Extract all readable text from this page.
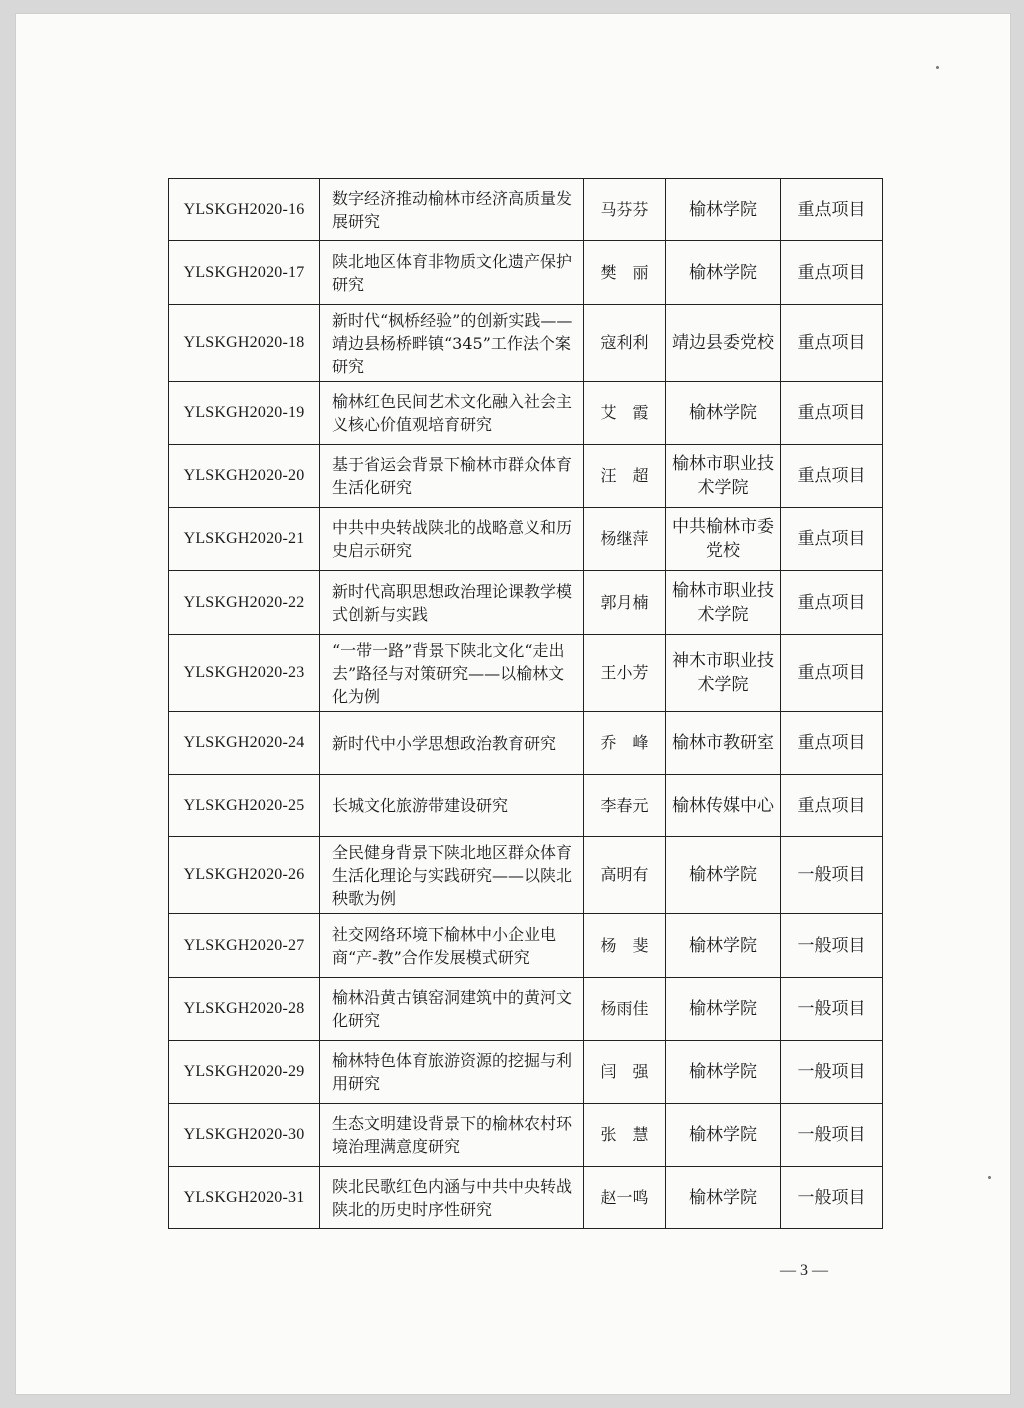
YLSKGH2020-16	数字经济推动榆林市经济高质量发展研究	马芬芬	榆林学院	重点项目
YLSKGH2020-17	陕北地区体育非物质文化遗产保护研究	樊　丽	榆林学院	重点项目
YLSKGH2020-18	新时代“枫桥经验”的创新实践——靖边县杨桥畔镇“345”工作法个案研究	寇利利	靖边县委党校	重点项目
YLSKGH2020-19	榆林红色民间艺术文化融入社会主义核心价值观培育研究	艾　霞	榆林学院	重点项目
YLSKGH2020-20	基于省运会背景下榆林市群众体育生活化研究	汪　超	榆林市职业技术学院	重点项目
YLSKGH2020-21	中共中央转战陕北的战略意义和历史启示研究	杨继萍	中共榆林市委党校	重点项目
YLSKGH2020-22	新时代高职思想政治理论课教学模式创新与实践	郭月楠	榆林市职业技术学院	重点项目
YLSKGH2020-23	“一带一路”背景下陕北文化“走出去”路径与对策研究——以榆林文化为例	王小芳	神木市职业技术学院	重点项目
YLSKGH2020-24	新时代中小学思想政治教育研究	乔　峰	榆林市教研室	重点项目
YLSKGH2020-25	长城文化旅游带建设研究	李春元	榆林传媒中心	重点项目
YLSKGH2020-26	全民健身背景下陕北地区群众体育生活化理论与实践研究——以陕北秧歌为例	高明有	榆林学院	一般项目
YLSKGH2020-27	社交网络环境下榆林中小企业电商“产-教”合作发展模式研究	杨　斐	榆林学院	一般项目
YLSKGH2020-28	榆林沿黄古镇窑洞建筑中的黄河文化研究	杨雨佳	榆林学院	一般项目
YLSKGH2020-29	榆林特色体育旅游资源的挖掘与利用研究	闫　强	榆林学院	一般项目
YLSKGH2020-30	生态文明建设背景下的榆林农村环境治理满意度研究	张　慧	榆林学院	一般项目
YLSKGH2020-31	陕北民歌红色内涵与中共中央转战陕北的历史时序性研究	赵一鸣	榆林学院	一般项目
— 3 —
